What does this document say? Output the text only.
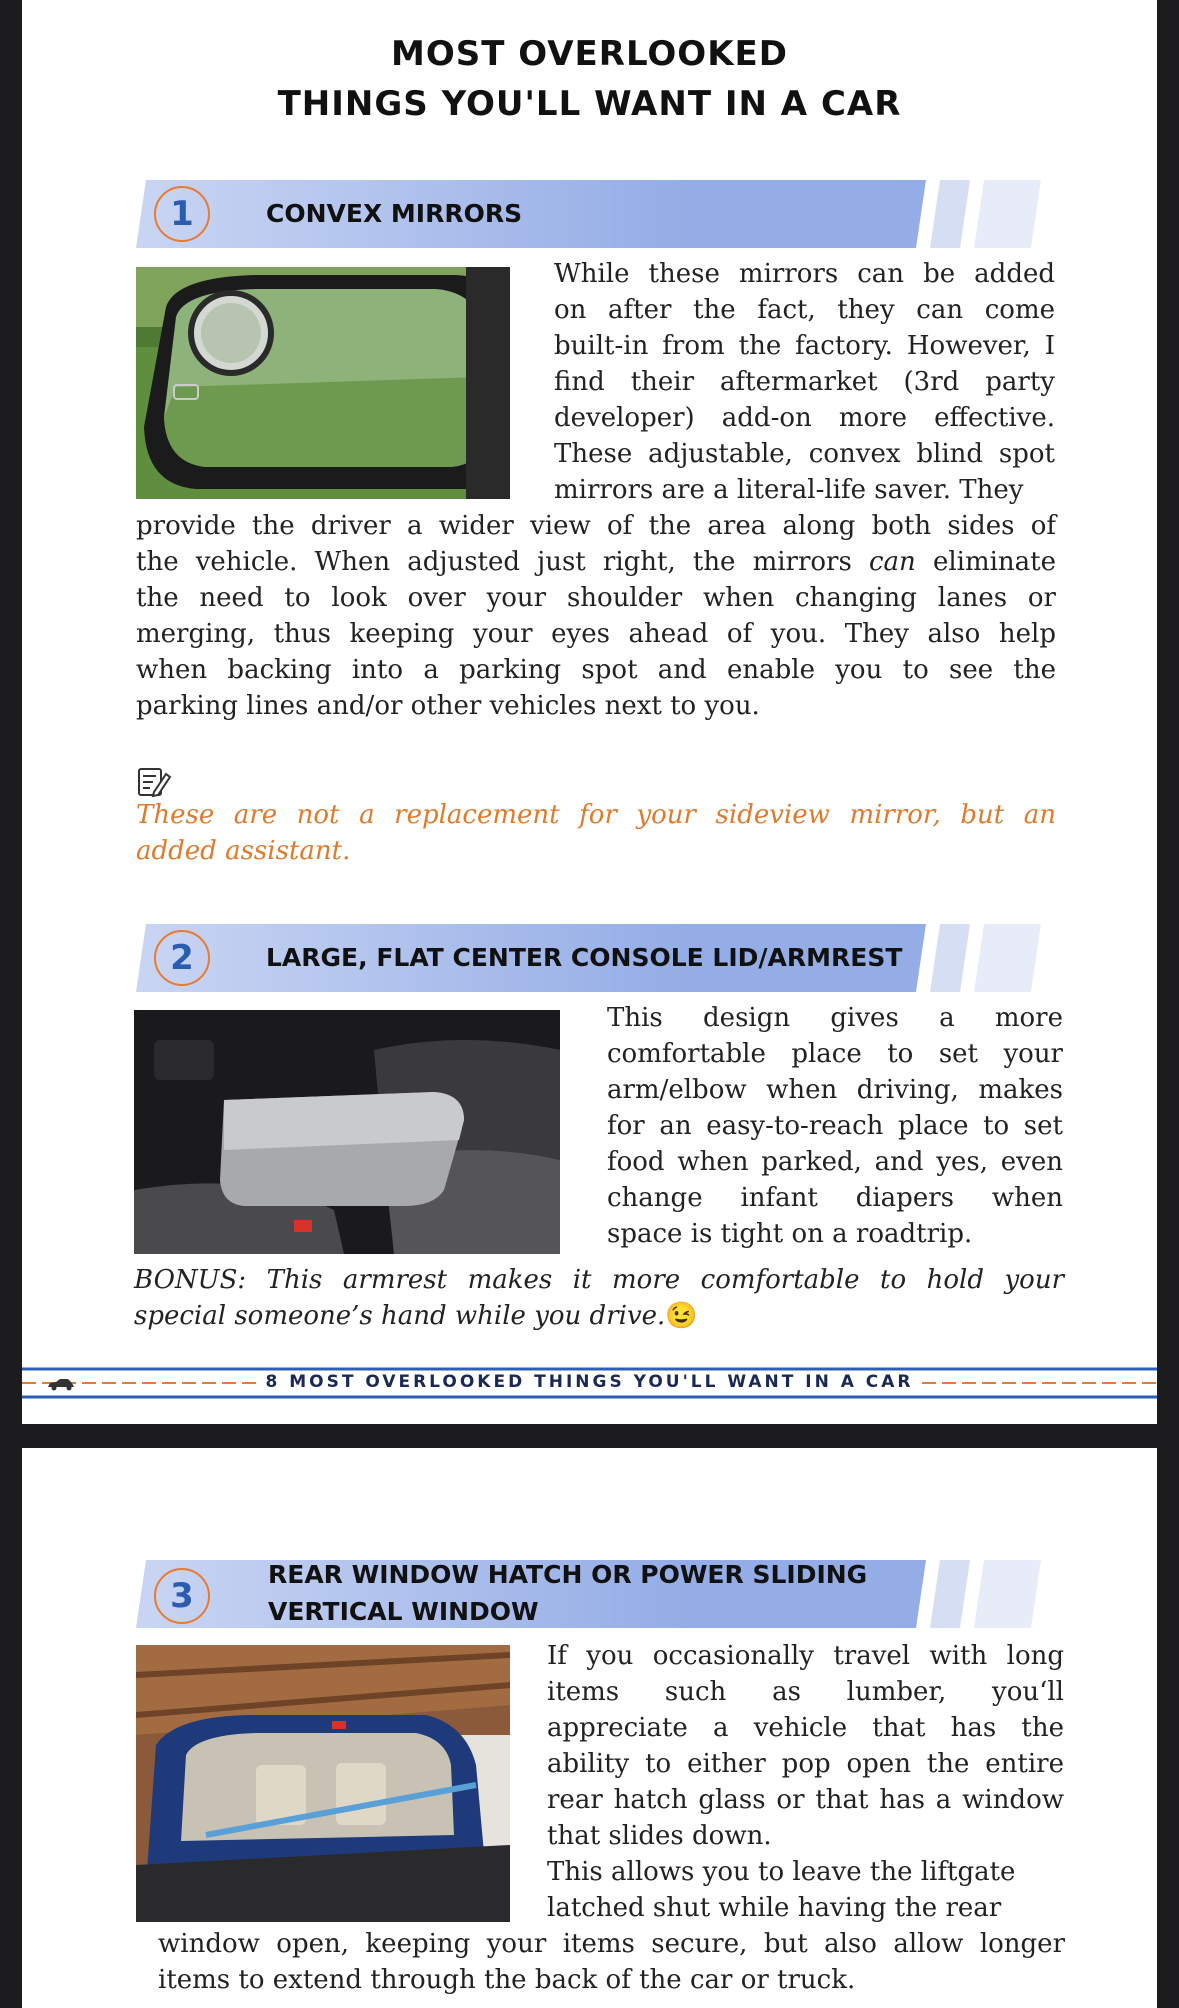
MOST OVERLOOKED
THINGS YOU'LL WANT IN A CAR
1	CONVEX MIRRORS
While these mirrors can be added
on after the fact, they can come
built-in from the factory. However, I
find their aftermarket (3rd party
developer) add-on more effective.
These adjustable, convex blind spot
mirrors are a literal-life saver. They
provide the driver a wider view of the area along both sides of
the vehicle. When adjusted just right, the mirrors can eliminate
the need to look over your shoulder when changing lanes or
merging, thus keeping your eyes ahead of you. They also help
when backing into a parking spot and enable you to see the
parking lines and/or other vehicles next to you.
These are not a replacement for your sideview mirror, but an
added assistant.
2	LARGE, FLAT CENTER CONSOLE LID/ARMREST
This design gives a more
comfortable place to set your
arm/elbow when driving, makes
for an easy-to-reach place to set
food when parked, and yes, even
change infant diapers when
space is tight on a roadtrip.
BONUS: This armrest makes it more comfortable to hold your
special someone’s hand while you drive.😉
8 MOST OVERLOOKED THINGS YOU'LL WANT IN A CAR
3
REAR WINDOW HATCH OR POWER SLIDING
VERTICAL WINDOW
If you occasionally travel with long
items such as lumber, you‘ll
appreciate a vehicle that has the
ability to either pop open the entire
rear hatch glass or that has a window
that slides down.
This allows you to leave the liftgate
latched shut while having the rear
window open, keeping your items secure, but also allow longer
items to extend through the back of the car or truck.
